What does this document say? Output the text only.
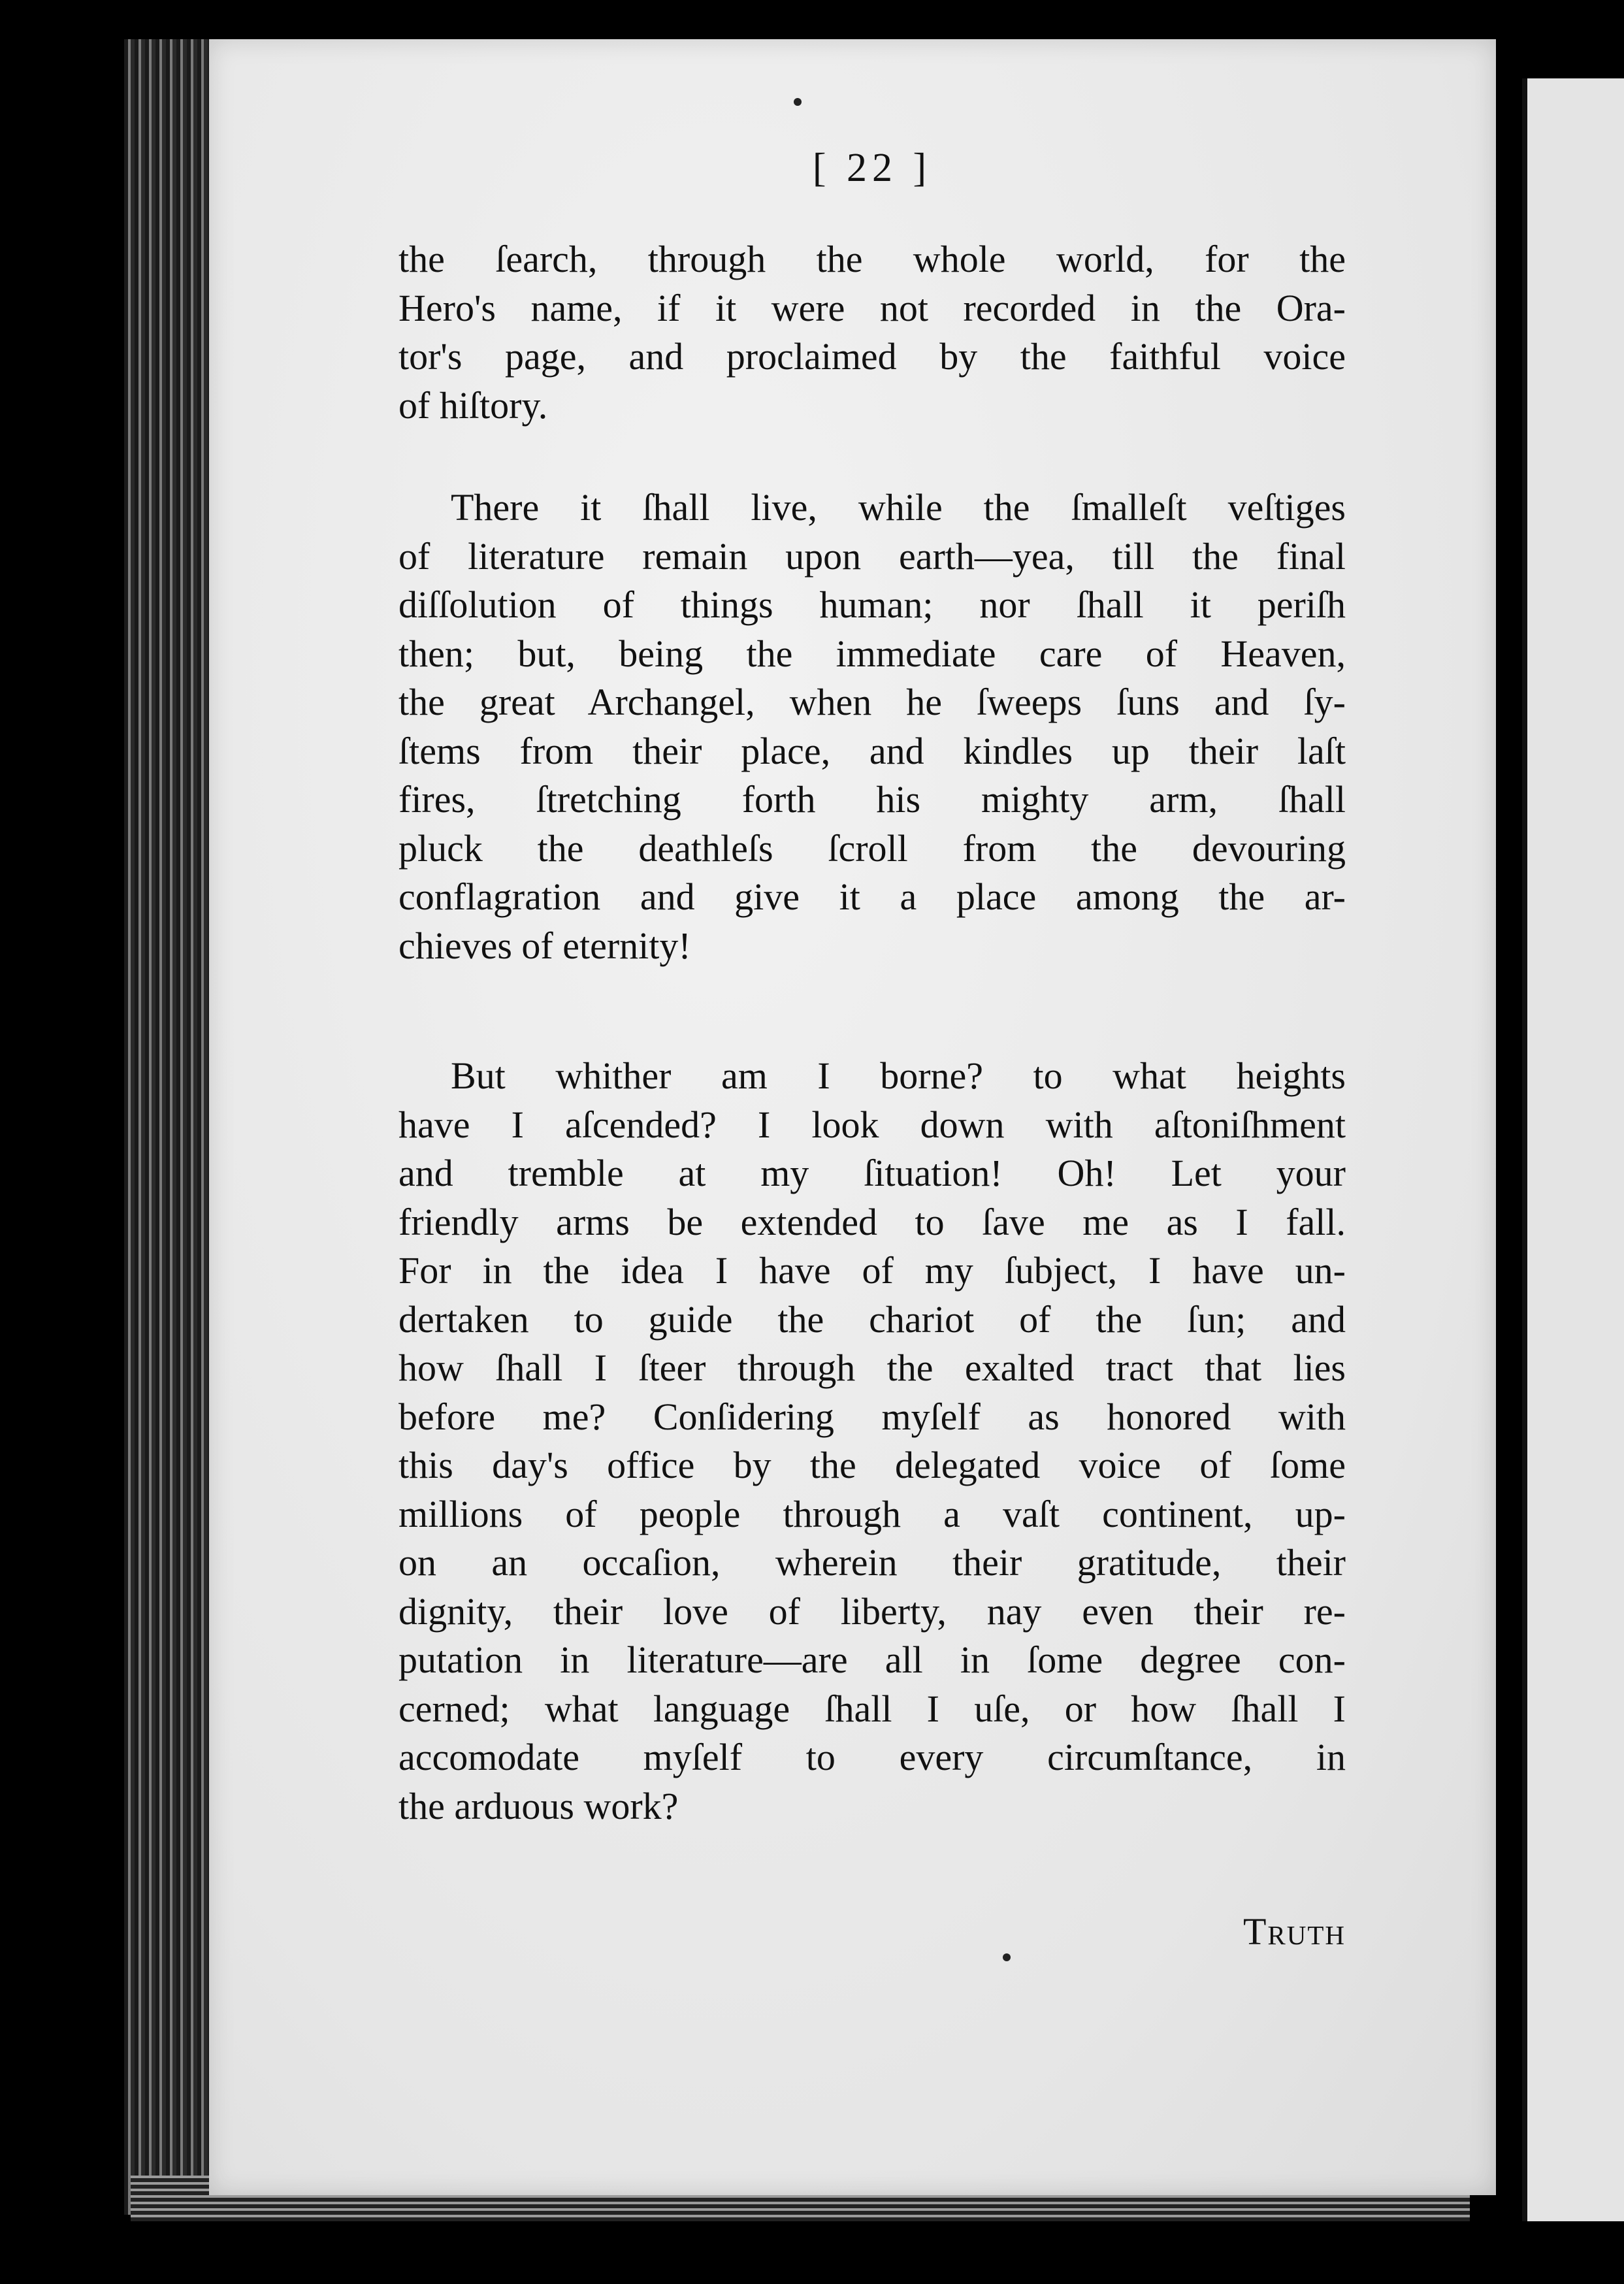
[ 22 ]
the ſearch, through the whole world, for the
Hero's name, if it were not recorded in the Ora-
tor's page, and proclaimed by the faithful voice
of hiſtory.
There it ſhall live, while the ſmalleſt veſtiges
of literature remain upon earth—yea, till the final
diſſolution of things human; nor ſhall it periſh
then; but, being the immediate care of Heaven,
the great Archangel, when he ſweeps ſuns and ſy-
ſtems from their place, and kindles up their laſt
fires, ſtretching forth his mighty arm, ſhall
pluck the deathleſs ſcroll from the devouring
conflagration and give it a place among the ar-
chieves of eternity!
But whither am I borne? to what heights
have I aſcended? I look down with aſtoniſhment
and tremble at my ſituation! Oh! Let your
friendly arms be extended to ſave me as I fall.
For in the idea I have of my ſubject, I have un-
dertaken to guide the chariot of the ſun; and
how ſhall I ſteer through the exalted tract that lies
before me? Conſidering myſelf as honored with
this day's office by the delegated voice of ſome
millions of people through a vaſt continent, up-
on an occaſion, wherein their gratitude, their
dignity, their love of liberty, nay even their re-
putation in literature—are all in ſome degree con-
cerned; what language ſhall I uſe, or how ſhall I
accomodate myſelf to every circumſtance, in
the arduous work?
Truth
